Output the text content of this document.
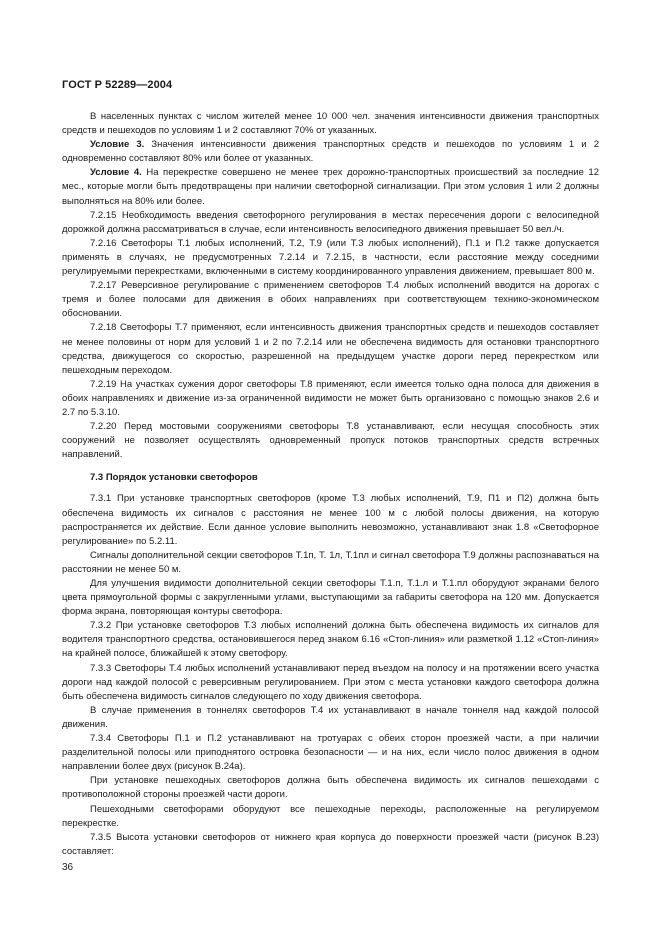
ГОСТ Р 52289—2004

В населенных пунктах с числом жителей менее 10 000 чел. значения интенсивности движения транспортных средств и пешеходов по условиям 1 и 2 составляют 70% от указанных.

Условие 3. Значения интенсивности движения транспортных средств и пешеходов по условиям 1 и 2 одновременно составляют 80% или более от указанных.

Условие 4. На перекрестке совершено не менее трех дорожно-транспортных происшествий за последние 12 мес., которые могли быть предотвращены при наличии светофорной сигнализации. При этом условия 1 или 2 должны выполняться на 80% или более.

7.2.15 Необходимость введения светофорного регулирования в местах пересечения дороги с велосипедной дорожкой должна рассматриваться в случае, если интенсивность велосипедного движения превышает 50 вел./ч.

7.2.16 Светофоры Т.1 любых исполнений, Т.2, Т.9 (или Т.3 любых исполнений), П.1 и П.2 также допускается применять в случаях, не предусмотренных 7.2.14 и 7.2.15, в частности, если расстояние между соседними регулируемыми перекрестками, включенными в систему координированного управления движением, превышает 800 м.

7.2.17 Реверсивное регулирование с применением светофоров Т.4 любых исполнений вводится на дорогах с тремя и более полосами для движения в обоих направлениях при соответствующем технико-экономическом обосновании.

7.2.18 Светофоры Т.7 применяют, если интенсивность движения транспортных средств и пешеходов составляет не менее половины от норм для условий 1 и 2 по 7.2.14 или не обеспечена видимость для остановки транспортного средства, движущегося со скоростью, разрешенной на предыдущем участке дороги перед перекрестком или пешеходным переходом.

7.2.19 На участках сужения дорог светофоры Т.8 применяют, если имеется только одна полоса для движения в обоих направлениях и движение из-за ограниченной видимости не может быть организовано с помощью знаков 2.6 и 2.7 по 5.3.10.

7.2.20 Перед мостовыми сооружениями светофоры Т.8 устанавливают, если несущая способность этих сооружений не позволяет осуществлять одновременный пропуск потоков транспортных средств встречных направлений.

7.3 Порядок установки светофоров

7.3.1 При установке транспортных светофоров (кроме Т.3 любых исполнений, Т.9, П1 и П2) должна быть обеспечена видимость их сигналов с расстояния не менее 100 м с любой полосы движения, на которую распространяется их действие. Если данное условие выполнить невозможно, устанавливают знак 1.8 «Светофорное регулирование» по 5.2.11.

Сигналы дополнительной секции светофоров Т.1п, Т. 1л, Т.1пл и сигнал светофора Т.9 должны распознаваться на расстоянии не менее 50 м.

Для улучшения видимости дополнительной секции светофоры Т.1.п, Т.1.л и Т.1.пл оборудуют экранами белого цвета прямоугольной формы с закругленными углами, выступающими за габариты светофора на 120 мм. Допускается форма экрана, повторяющая контуры светофора.

7.3.2 При установке светофоров Т.3 любых исполнений должна быть обеспечена видимость их сигналов для водителя транспортного средства, остановившегося перед знаком 6.16 «Стоп-линия» или разметкой 1.12 «Стоп-линия» на крайней полосе, ближайшей к этому светофору.

7.3.3 Светофоры Т.4 любых исполнений устанавливают перед въездом на полосу и на протяжении всего участка дороги над каждой полосой с реверсивным регулированием. При этом с места установки каждого светофора должна быть обеспечена видимость сигналов следующего по ходу движения светофора.

В случае применения в тоннелях светофоров Т.4 их устанавливают в начале тоннеля над каждой полосой движения.

7.3.4 Светофоры П.1 и П.2 устанавливают на тротуарах с обеих сторон проезжей части, а при наличии разделительной полосы или приподнятого островка безопасности — и на них, если число полос движения в одном направлении более двух (рисунок В.24а).

При установке пешеходных светофоров должна быть обеспечена видимость их сигналов пешеходами с противоположной стороны проезжей части дороги.

Пешеходными светофорами оборудуют все пешеходные переходы, расположенные на регулируемом перекрестке.

7.3.5 Высота установки светофоров от нижнего края корпуса до поверхности проезжей части (рисунок В.23) составляет:

36
